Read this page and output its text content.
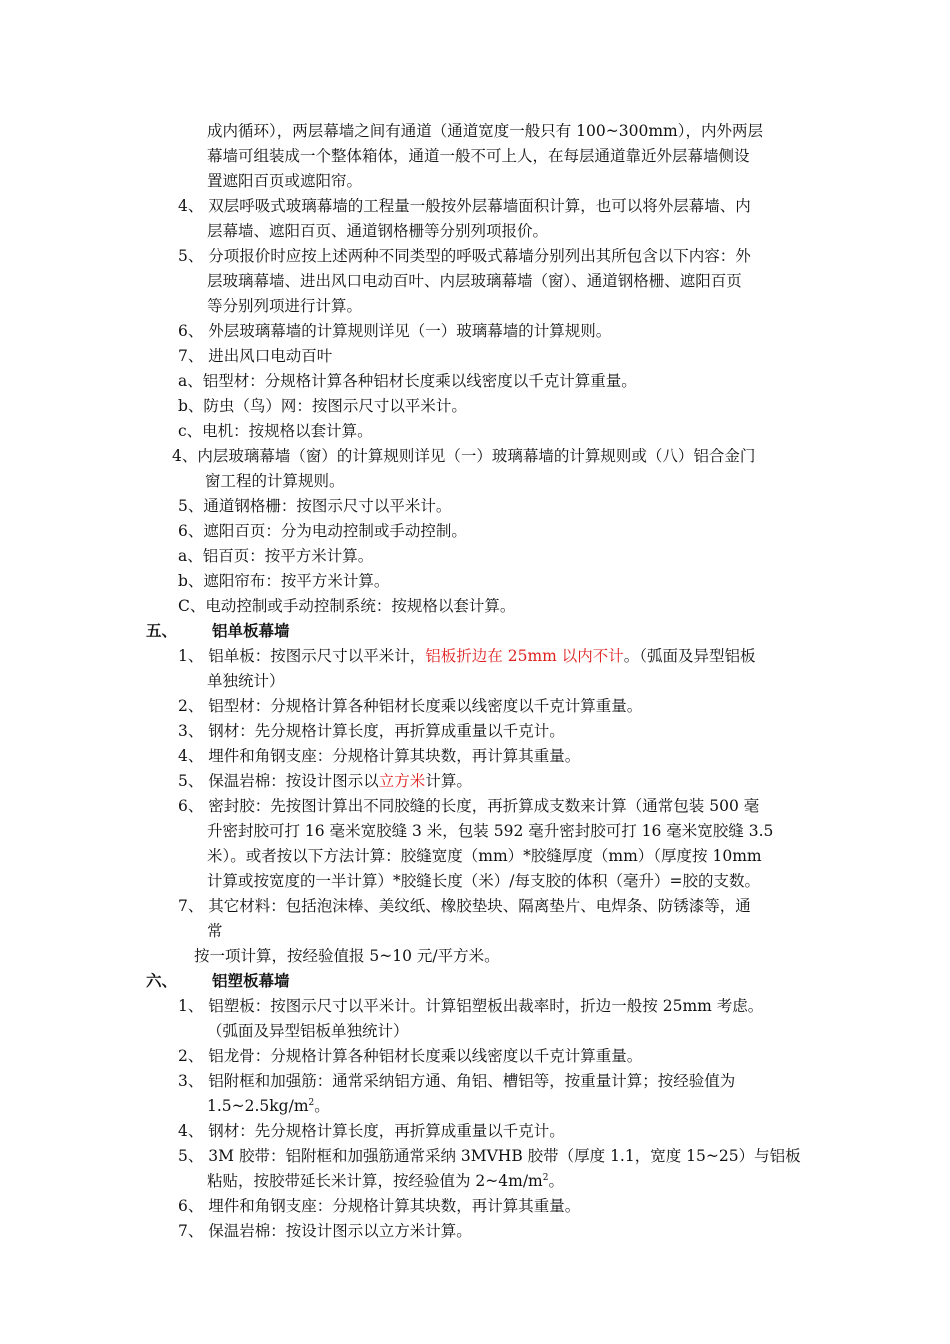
成内循环），两层幕墙之间有通道（通道宽度一般只有 100~300mm），内外两层
幕墙可组装成一个整体箱体，通道一般不可上人，在每层通道靠近外层幕墙侧设
置遮阳百页或遮阳帘。
4、 双层呼吸式玻璃幕墙的工程量一般按外层幕墙面积计算，也可以将外层幕墙、内
层幕墙、遮阳百页、通道钢格栅等分别列项报价。
5、 分项报价时应按上述两种不同类型的呼吸式幕墙分别列出其所包含以下内容：外
层玻璃幕墙、进出风口电动百叶、内层玻璃幕墙（窗）、通道钢格栅、遮阳百页
等分别列项进行计算。
6、 外层玻璃幕墙的计算规则详见（一）玻璃幕墙的计算规则。
7、 进出风口电动百叶
a、铝型材：分规格计算各种铝材长度乘以线密度以千克计算重量。
b、防虫（鸟）网：按图示尺寸以平米计。
c、电机：按规格以套计算。
4、内层玻璃幕墙（窗）的计算规则详见（一）玻璃幕墙的计算规则或（八）铝合金门
窗工程的计算规则。
5、通道钢格栅：按图示尺寸以平米计。
6、遮阳百页：分为电动控制或手动控制。
a、铝百页：按平方米计算。
b、遮阳帘布：按平方米计算。
C、电动控制或手动控制系统：按规格以套计算。
五、 铝单板幕墙
1、 铝单板：按图示尺寸以平米计，铝板折边在 25mm 以内不计。（弧面及异型铝板
单独统计）
2、 铝型材：分规格计算各种铝材长度乘以线密度以千克计算重量。
3、 钢材：先分规格计算长度，再折算成重量以千克计。
4、 埋件和角钢支座：分规格计算其块数，再计算其重量。
5、 保温岩棉：按设计图示以立方米计算。
6、 密封胶：先按图计算出不同胶缝的长度，再折算成支数来计算（通常包装 500 毫
升密封胶可打 16 毫米宽胶缝 3 米，包装 592 毫升密封胶可打 16 毫米宽胶缝 3.5
米）。或者按以下方法计算：胶缝宽度（mm）*胶缝厚度（mm）（厚度按 10mm
计算或按宽度的一半计算）*胶缝长度（米）/每支胶的体积（毫升）=胶的支数。
7、 其它材料：包括泡沫棒、美纹纸、橡胶垫块、隔离垫片、电焊条、防锈漆等，通
常
按一项计算，按经验值报 5~10 元/平方米。
六、 铝塑板幕墙
1、 铝塑板：按图示尺寸以平米计。计算铝塑板出裁率时，折边一般按 25mm 考虑。
（弧面及异型铝板单独统计）
2、 铝龙骨：分规格计算各种铝材长度乘以线密度以千克计算重量。
3、 铝附框和加强筋：通常采纳铝方通、角铝、槽铝等，按重量计算；按经验值为
$1.5\sim 2.5kg/m^2$。
4、 钢材：先分规格计算长度，再折算成重量以千克计。
5、 3M 胶带：铝附框和加强筋通常采纳 3MVHB 胶带（厚度 1.1，宽度 15~25）与铝板
粘贴，按胶带延长米计算，按经验值为 $2\sim 4m/m^2$。
6、 埋件和角钢支座：分规格计算其块数，再计算其重量。
7、 保温岩棉：按设计图示以立方米计算。
